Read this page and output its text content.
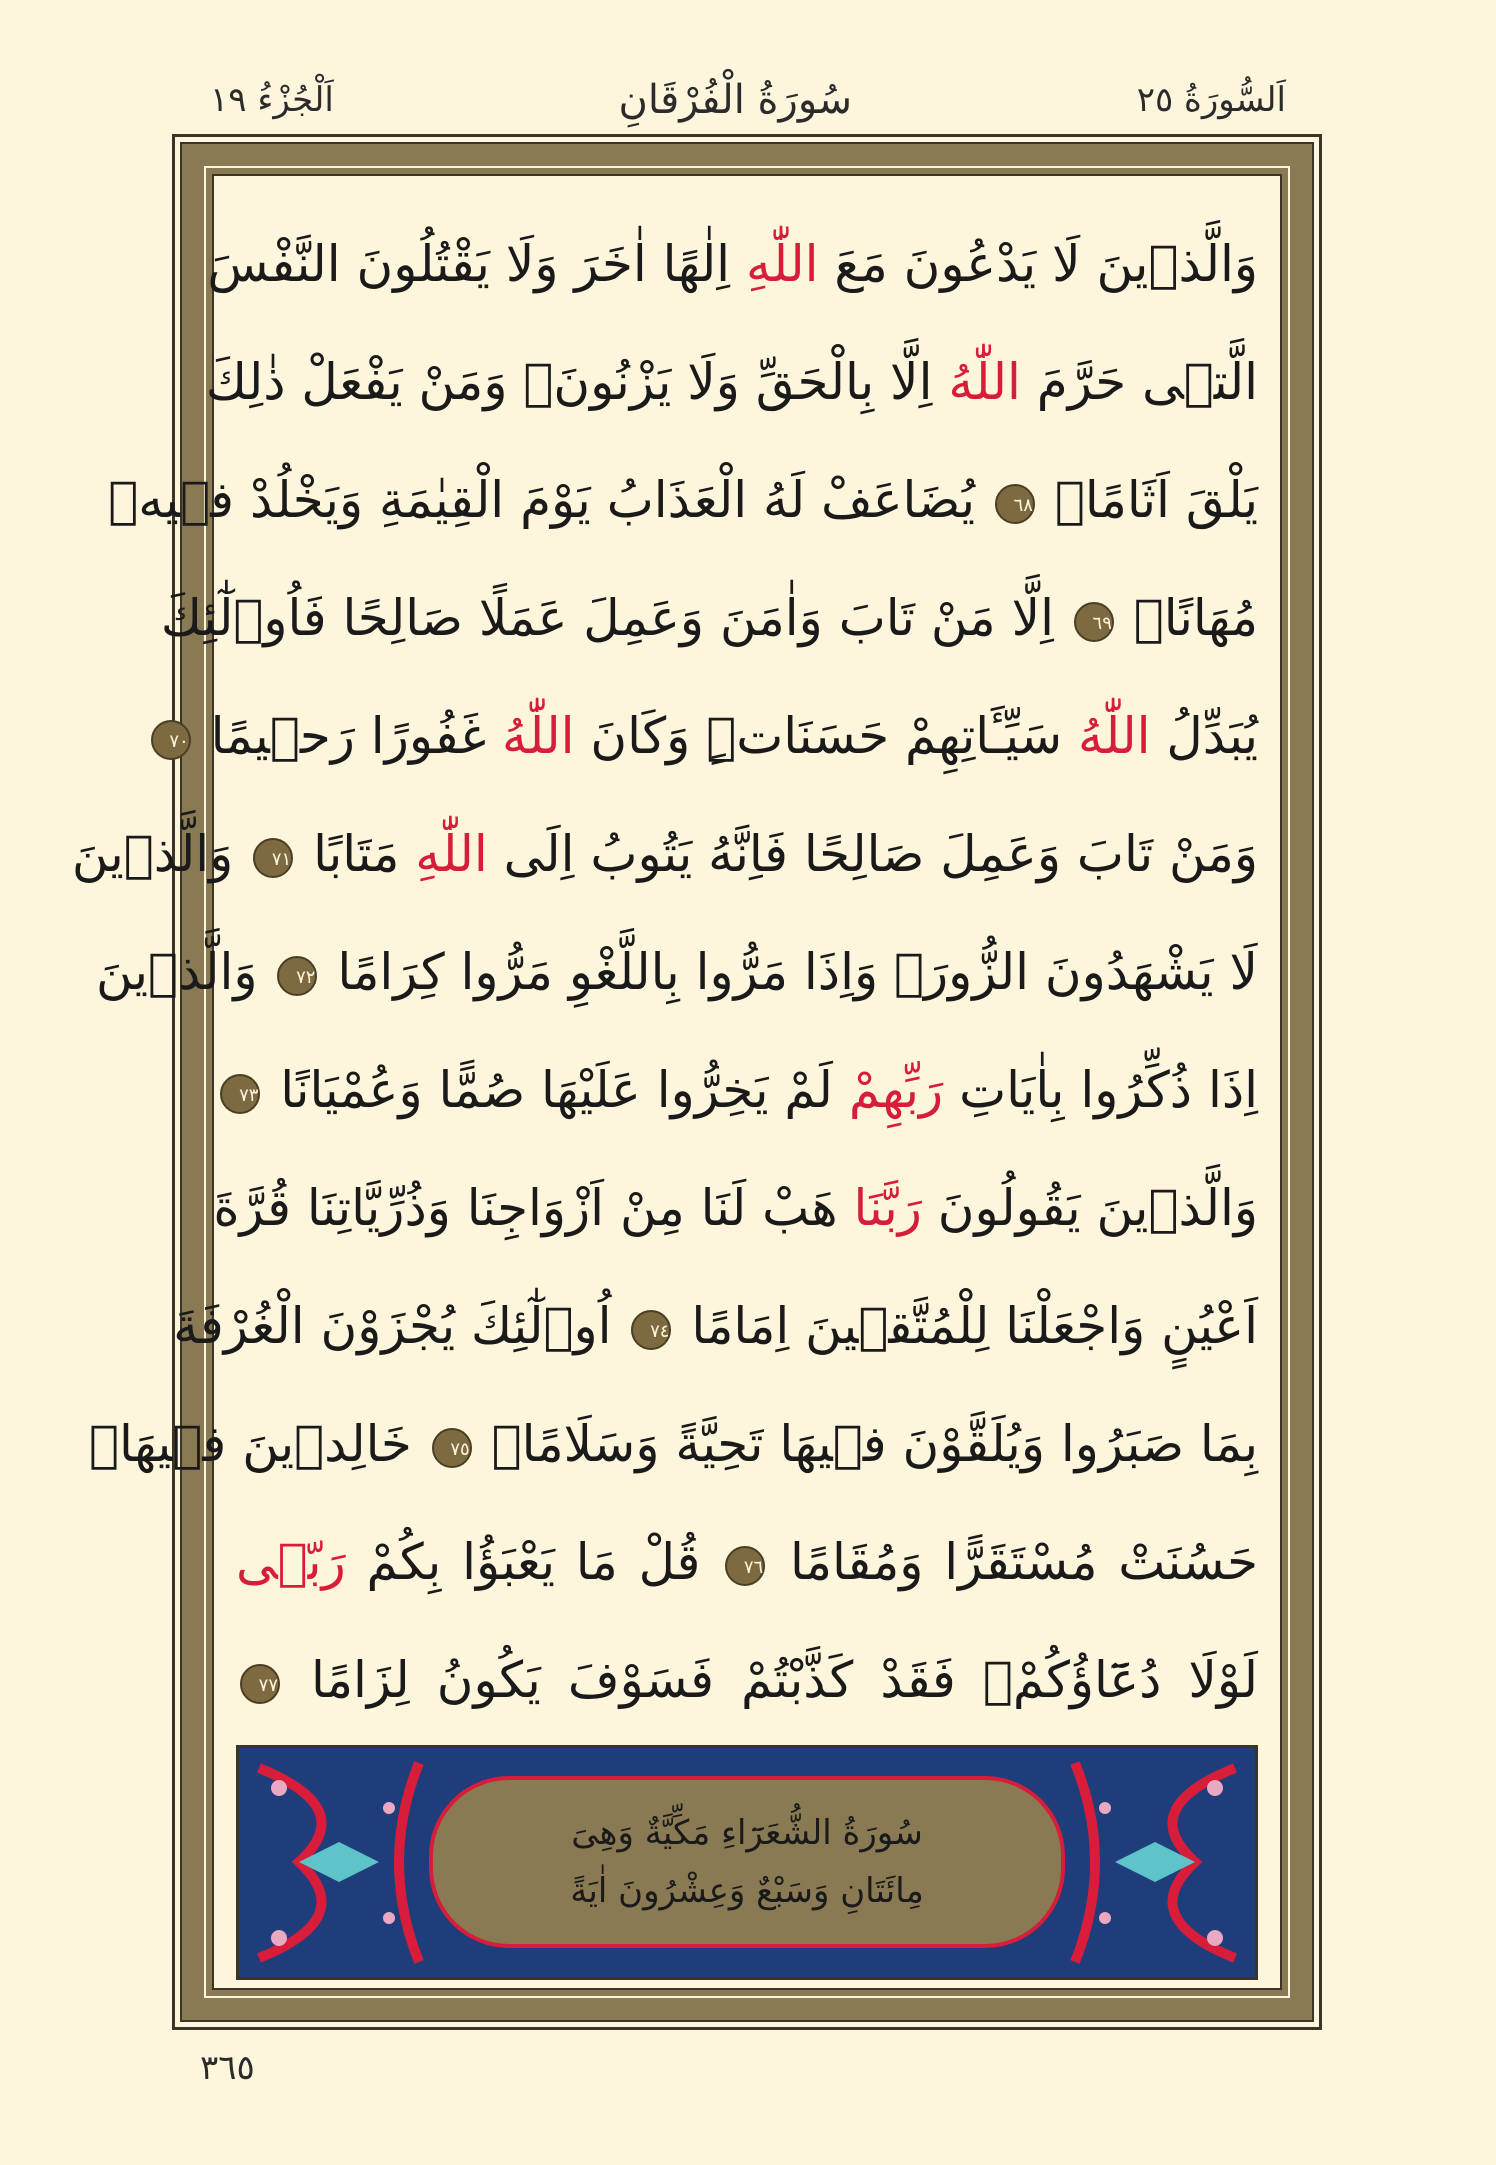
اَلسُّورَةُ ٢٥
سُورَةُ الْفُرْقَانِ
اَلْجُزْءُ ١٩
وَالَّذٖينَ لَا يَدْعُونَ مَعَ اللّٰهِ اِلٰهًا اٰخَرَ وَلَا يَقْتُلُونَ النَّفْسَ
الَّتٖى حَرَّمَ اللّٰهُ اِلَّا بِالْحَقِّ وَلَا يَزْنُونَۚ وَمَنْ يَفْعَلْ ذٰلِكَ
يَلْقَ اَثَامًاۙ ٦٨ يُضَاعَفْ لَهُ الْعَذَابُ يَوْمَ الْقِيٰمَةِ وَيَخْلُدْ فٖيهٖ
مُهَانًاۗ ٦٩ اِلَّا مَنْ تَابَ وَاٰمَنَ وَعَمِلَ عَمَلًا صَالِحًا فَاُو۬لٰٓئِكَ
يُبَدِّلُ اللّٰهُ سَيِّـَٔاتِهِمْ حَسَنَاتٍۜ وَكَانَ اللّٰهُ غَفُورًا رَحٖيمًا ٧٠
وَمَنْ تَابَ وَعَمِلَ صَالِحًا فَاِنَّهُ يَتُوبُ اِلَى اللّٰهِ مَتَابًا ٧١ وَالَّذٖينَ
لَا يَشْهَدُونَ الزُّورَۙ وَاِذَا مَرُّوا بِاللَّغْوِ مَرُّوا كِرَامًا ٧٢ وَالَّذٖينَ
اِذَا ذُكِّرُوا بِاٰيَاتِ رَبِّهِمْ لَمْ يَخِرُّوا عَلَيْهَا صُمًّا وَعُمْيَانًا ٧٣
وَالَّذٖينَ يَقُولُونَ رَبَّنَا هَبْ لَنَا مِنْ اَزْوَاجِنَا وَذُرِّيَّاتِنَا قُرَّةَ
اَعْيُنٍ وَاجْعَلْنَا لِلْمُتَّقٖينَ اِمَامًا ٧٤ اُو۬لٰٓئِكَ يُجْزَوْنَ الْغُرْفَةَ
بِمَا صَبَرُوا وَيُلَقَّوْنَ فٖيهَا تَحِيَّةً وَسَلَامًاۙ ٧٥ خَالِدٖينَ فٖيهَاۜ
حَسُنَتْ مُسْتَقَرًّا وَمُقَامًا ٧٦ قُلْ مَا يَعْبَؤُا بِكُمْ رَبّٖى
لَوْلَا دُعَٓاؤُكُمْۚ فَقَدْ كَذَّبْتُمْ فَسَوْفَ يَكُونُ لِزَامًا ٧٧
سُورَةُ الشُّعَرَٓاءِ مَكِّيَّةٌ وَهِىَ
مِائَتَانِ وَسَبْعٌ وَعِشْرُونَ اٰيَةً
٣٦٥
